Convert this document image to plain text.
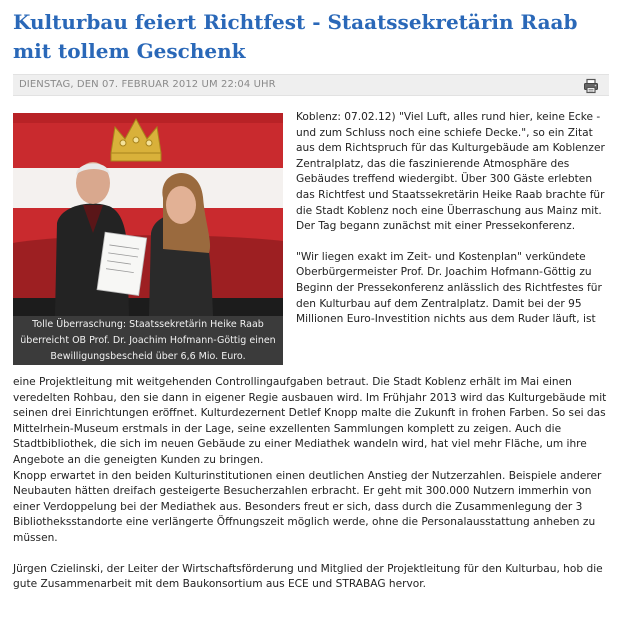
Kulturbau feiert Richtfest - Staatssekretärin Raab mit tollem Geschenk
DIENSTAG, DEN 07. FEBRUAR 2012 UM 22:04 UHR
Tolle Überraschung: Staatssekretärin Heike Raab überreicht OB Prof. Dr. Joachim Hofmann-Göttig einen Bewilligungsbescheid über 6,6 Mio. Euro.

Koblenz: 07.02.12) "Viel Luft, alles rund hier, keine Ecke - und zum Schluss noch eine schiefe Decke.", so ein Zitat aus dem Richtspruch für das Kulturgebäude am Koblenzer Zentralplatz, das die faszinierende Atmosphäre des Gebäudes treffend wiedergibt. Über 300 Gäste erlebten das Richtfest und Staatssekretärin Heike Raab brachte für die Stadt Koblenz noch eine Überraschung aus Mainz mit. Der Tag begann zunächst mit einer Pressekonferenz.

"Wir liegen exakt im Zeit- und Kostenplan" verkündete Oberbürgermeister Prof. Dr. Joachim Hofmann-Göttig zu Beginn der Pressekonferenz anlässlich des Richtfestes für den Kulturbau auf dem Zentralplatz. Damit bei der 95 Millionen Euro-Investition nichts aus dem Ruder läuft, ist

eine Projektleitung mit weitgehenden Controllingaufgaben betraut. Die Stadt Koblenz erhält im Mai einen veredelten Rohbau, den sie dann in eigener Regie ausbauen wird. Im Frühjahr 2013 wird das Kulturgebäude mit seinen drei Einrichtungen eröffnet. Kulturdezernent Detlef Knopp malte die Zukunft in frohen Farben. So sei das Mittelrhein-Museum erstmals in der Lage, seine exzellenten Sammlungen komplett zu zeigen. Auch die Stadtbibliothek, die sich im neuen Gebäude zu einer Mediathek wandeln wird, hat viel mehr Fläche, um ihre Angebote an die geneigten Kunden zu bringen.

Knopp erwartet in den beiden Kulturinstitutionen einen deutlichen Anstieg der Nutzerzahlen. Beispiele anderer Neubauten hätten dreifach gesteigerte Besucherzahlen erbracht. Er geht mit 300.000 Nutzern immerhin von einer Verdoppelung bei der Mediathek aus. Besonders freut er sich, dass durch die Zusammenlegung der 3 Bibliotheksstandorte eine verlängerte Öffnungszeit möglich werde, ohne die Personalausstattung anheben zu müssen.

Jürgen Czielinski, der Leiter der Wirtschaftsförderung und Mitglied der Projektleitung für den Kulturbau, hob die gute Zusammenarbeit mit dem Baukonsortium aus ECE und STRABAG hervor.
